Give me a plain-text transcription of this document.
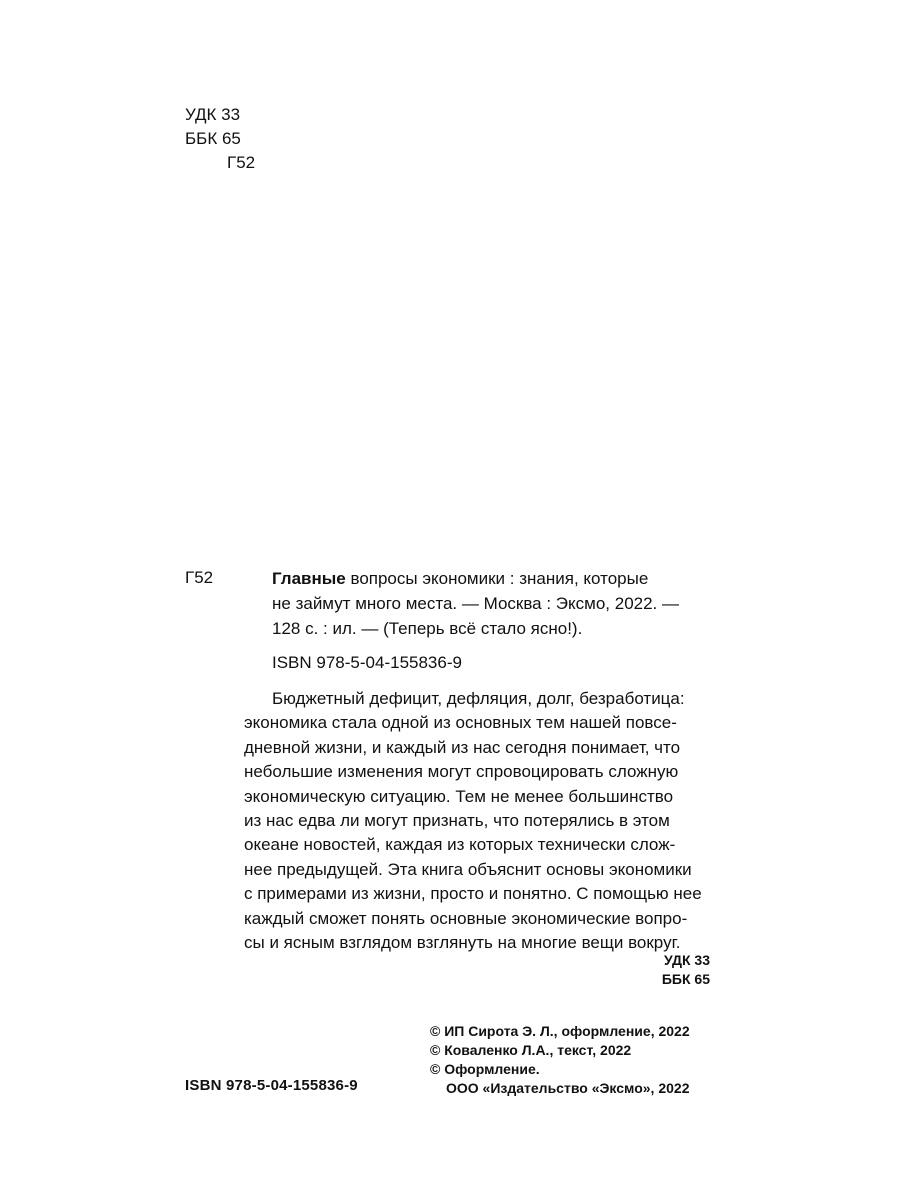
УДК 33
ББК 65
Г52
Г52	Главные вопросы экономики : знания, которые
не займут много места. — Москва : Эксмо, 2022. —
128 с. : ил. — (Теперь всё стало ясно!).
ISBN 978-5-04-155836-9
Бюджетный дефицит, дефляция, долг, безработица:
экономика стала одной из основных тем нашей повсе-
дневной жизни, и каждый из нас сегодня понимает, что
небольшие изменения могут спровоцировать сложную
экономическую ситуацию. Тем не менее большинство
из нас едва ли могут признать, что потерялись в этом
океане новостей, каждая из которых технически слож-
нее предыдущей. Эта книга объяснит основы экономики
с примерами из жизни, просто и понятно. С помощью нее
каждый сможет понять основные экономические вопро-
сы и ясным взглядом взглянуть на многие вещи вокруг.
УДК 33
ББК 65
© ИП Сирота Э. Л., оформление, 2022
© Коваленко Л.А., текст, 2022
© Оформление.
ООО «Издательство «Эксмо», 2022
ISBN 978-5-04-155836-9
